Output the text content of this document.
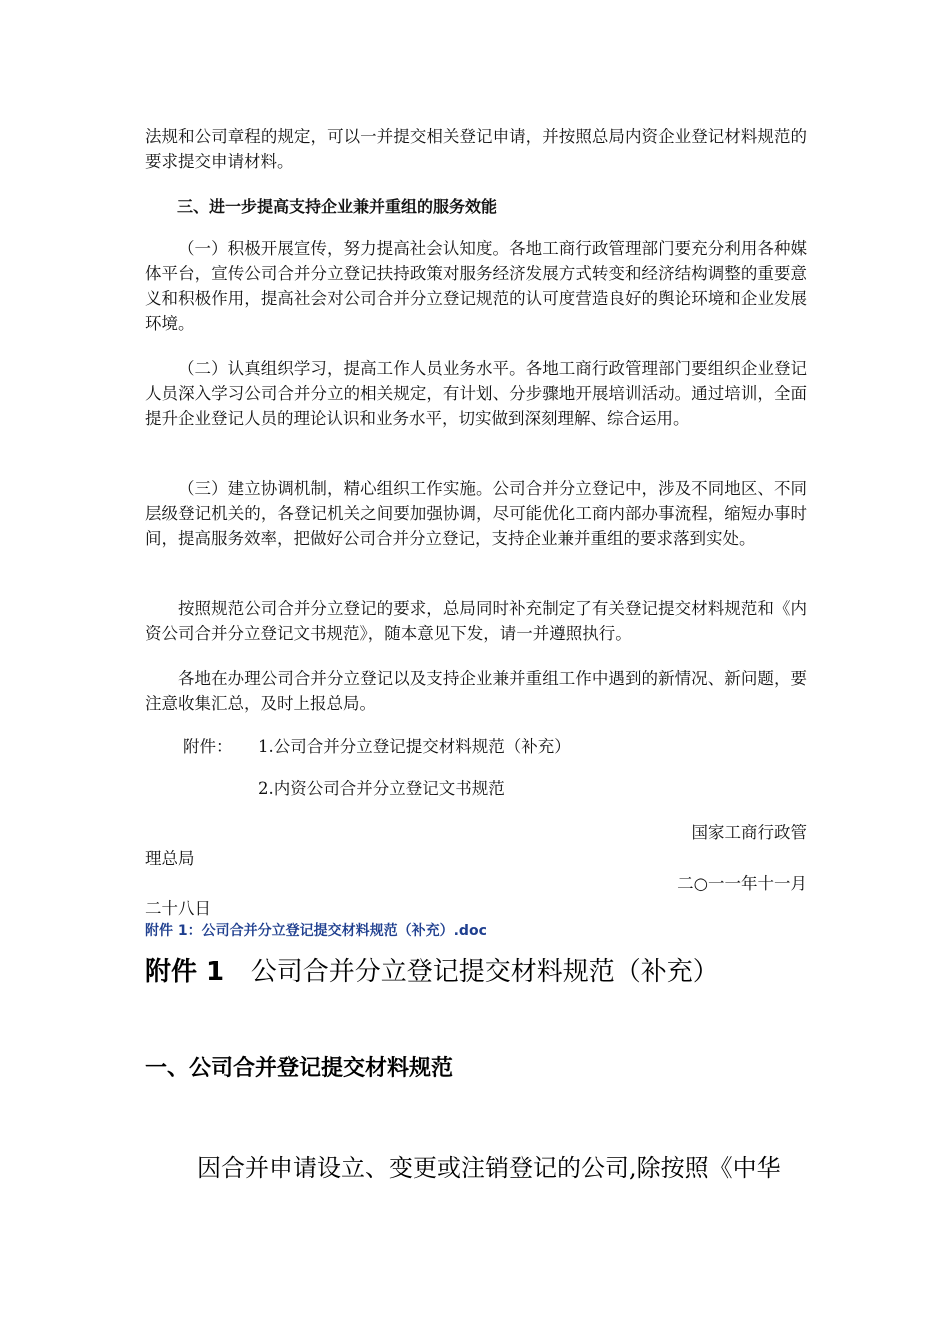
法规和公司章程的规定，可以一并提交相关登记申请，并按照总局内资企业登记材料规范的要求提交申请材料。

三、进一步提高支持企业兼并重组的服务效能

（一）积极开展宣传，努力提高社会认知度。各地工商行政管理部门要充分利用各种媒体平台，宣传公司合并分立登记扶持政策对服务经济发展方式转变和经济结构调整的重要意义和积极作用，提高社会对公司合并分立登记规范的认可度营造良好的舆论环境和企业发展环境。

（二）认真组织学习，提高工作人员业务水平。各地工商行政管理部门要组织企业登记人员深入学习公司合并分立的相关规定，有计划、分步骤地开展培训活动。通过培训，全面提升企业登记人员的理论认识和业务水平，切实做到深刻理解、综合运用。

（三）建立协调机制，精心组织工作实施。公司合并分立登记中，涉及不同地区、不同层级登记机关的，各登记机关之间要加强协调，尽可能优化工商内部办事流程，缩短办事时间，提高服务效率，把做好公司合并分立登记，支持企业兼并重组的要求落到实处。

按照规范公司合并分立登记的要求，总局同时补充制定了有关登记提交材料规范和《内资公司合并分立登记文书规范》，随本意见下发，请一并遵照执行。

各地在办理公司合并分立登记以及支持企业兼并重组工作中遇到的新情况、新问题，要注意收集汇总，及时上报总局。

附件： 1.公司合并分立登记提交材料规范（补充）
2.内资公司合并分立登记文书规范
国家工商行政管
理总局
二○一一年十一月
二十八日
附件 1：公司合并分立登记提交材料规范（补充）.doc
附件 1 公司合并分立登记提交材料规范（补充）
一、公司合并登记提交材料规范
因合并申请设立、变更或注销登记的公司,除按照《中华
